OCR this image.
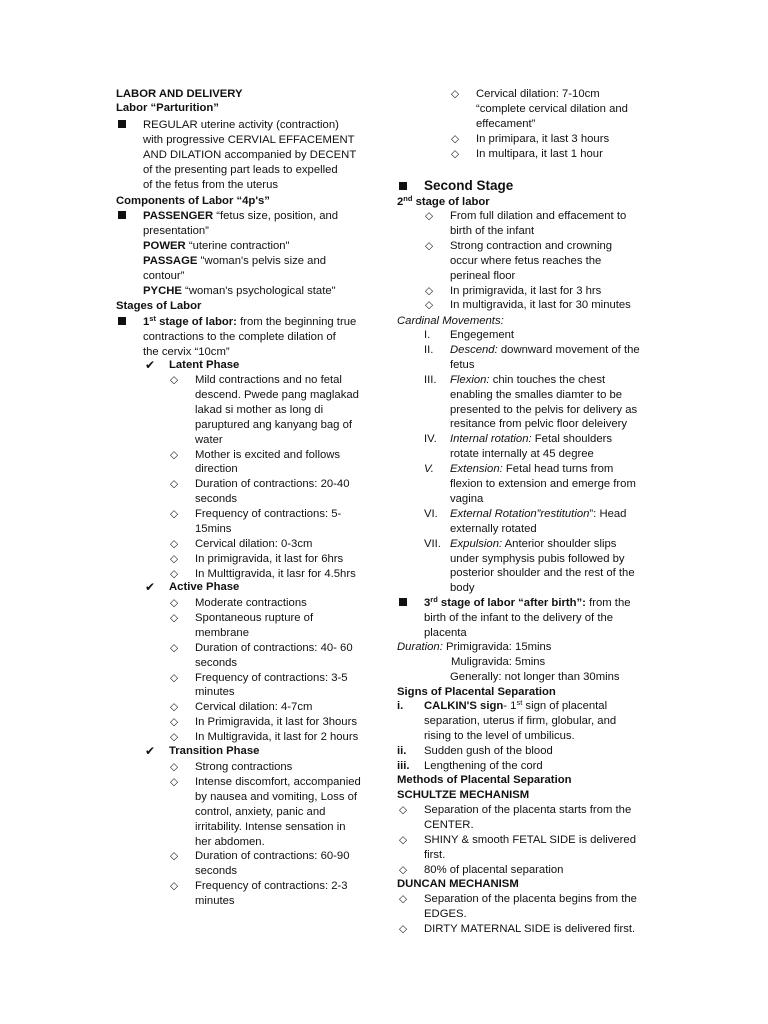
LABOR AND DELIVERY
Labor “Parturition”
REGULAR uterine activity (contraction)
with progressive CERVIAL EFFACEMENT
AND DILATION accompanied by DECENT
of the presenting part leads to expelled
of the fetus from the uterus
Components of Labor “4p's”
PASSENGER “fetus size, position, and
presentation”
POWER “uterine contraction"
PASSAGE "woman's pelvis size and
contour”
PYCHE “woman's psychological state"
Stages of Labor
1st stage of labor: from the beginning true
contractions to the complete dilation of
the cervix “10cm”
✔ Latent Phase
◇ Mild contractions and no fetal
descend. Pwede pang maglakad
lakad si mother as long di
paruptured ang kanyang bag of
water
◇ Mother is excited and follows
direction
◇ Duration of contractions: 20-40
seconds
◇ Frequency of contractions: 5-
15mins
◇ Cervical dilation: 0-3cm
◇ In primigravida, it last for 6hrs
◇ In Multtigravida, it lasr for 4.5hrs
✔ Active Phase
◇ Moderate contractions
◇ Spontaneous rupture of
membrane
◇ Duration of contractions: 40- 60
seconds
◇ Frequency of contractions: 3-5
minutes
◇ Cervical dilation: 4-7cm
◇ In Primigravida, it last for 3hours
◇ In Multigravida, it last for 2 hours
✔ Transition Phase
◇ Strong contractions
◇ Intense discomfort, accompanied
by nausea and vomiting, Loss of
control, anxiety, panic and
irritability. Intense sensation in
her abdomen.
◇ Duration of contractions: 60-90
seconds
◇ Frequency of contractions: 2-3
minutes
◇ Cervical dilation: 7-10cm
“complete cervical dilation and
effecament”
◇ In primipara, it last 3 hours
◇ In multipara, it last 1 hour
Second Stage
2nd stage of labor
◇ From full dilation and effacement to
birth of the infant
◇ Strong contraction and crowning
occur where fetus reaches the
perineal floor
◇ In primigravida, it last for 3 hrs
◇ In multigravida, it last for 30 minutes
Cardinal Movements:
I. Engegement
II. Descend: downward movement of the
fetus
III. Flexion: chin touches the chest
enabling the smalles diamter to be
presented to the pelvis for delivery as
resitance from pelvic floor deleivery
IV. Internal rotation: Fetal shoulders
rotate internally at 45 degree
V. Extension: Fetal head turns from
flexion to extension and emerge from
vagina
VI. External Rotation”restitution”: Head
externally rotated
VII. Expulsion: Anterior shoulder slips
under symphysis pubis followed by
posterior shoulder and the rest of the
body
3rd stage of labor “after birth”: from the
birth of the infant to the delivery of the
placenta
Duration: Primigravida: 15mins
Muligravida: 5mins
Generally: not longer than 30mins
Signs of Placental Separation
i. CALKIN'S sign- 1st sign of placental
separation, uterus if firm, globular, and
rising to the level of umbilicus.
ii. Sudden gush of the blood
iii. Lengthening of the cord
Methods of Placental Separation
SCHULTZE MECHANISM
◇ Separation of the placenta starts from the
CENTER.
◇ SHINY & smooth FETAL SIDE is delivered
first.
◇ 80% of placental separation
DUNCAN MECHANISM
◇ Separation of the placenta begins from the
EDGES.
◇ DIRTY MATERNAL SIDE is delivered first.
